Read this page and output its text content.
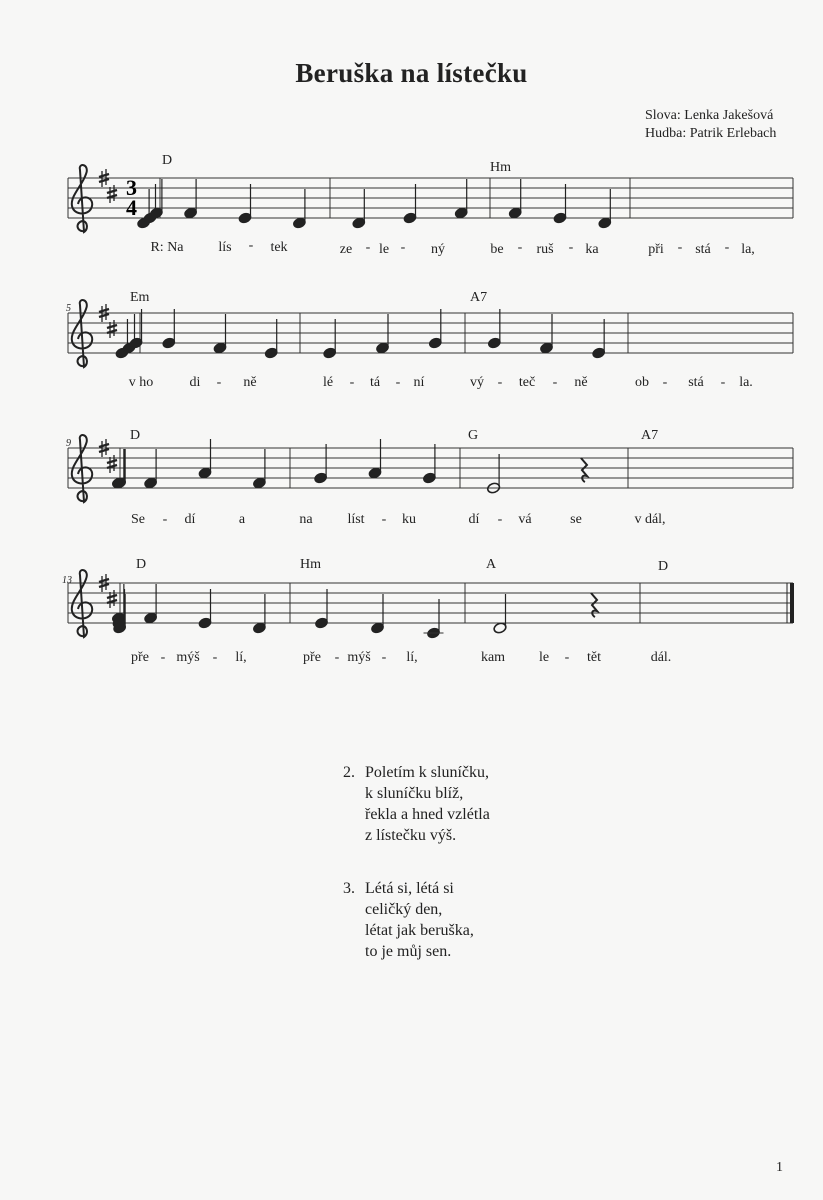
Beruška na lístečku
Slova: Lenka Jakešová
Hudba: Patrik Erlebach
3
4
D	Hm
R: Na lís - tek	ze - le - ný	be - ruš - ka	při - stá - la,
5
Em	A7
v ho	di - ně	lé - tá - ní	vý - teč - ně	ob - stá - la.
9
D	G	A7
Se - dí	a	na líst - ku	dí - vá	se	v dál,
13
D	Hm	A	D
pře - mýš - lí,	pře - mýš - lí,	kam le - tět	dál.
2. Poletím k sluníčku,
k sluníčku blíž,
řekla a hned vzlétla
z lístečku výš.
3. Létá si, létá si
celičký den,
létat jak beruška,
to je můj sen.
1
